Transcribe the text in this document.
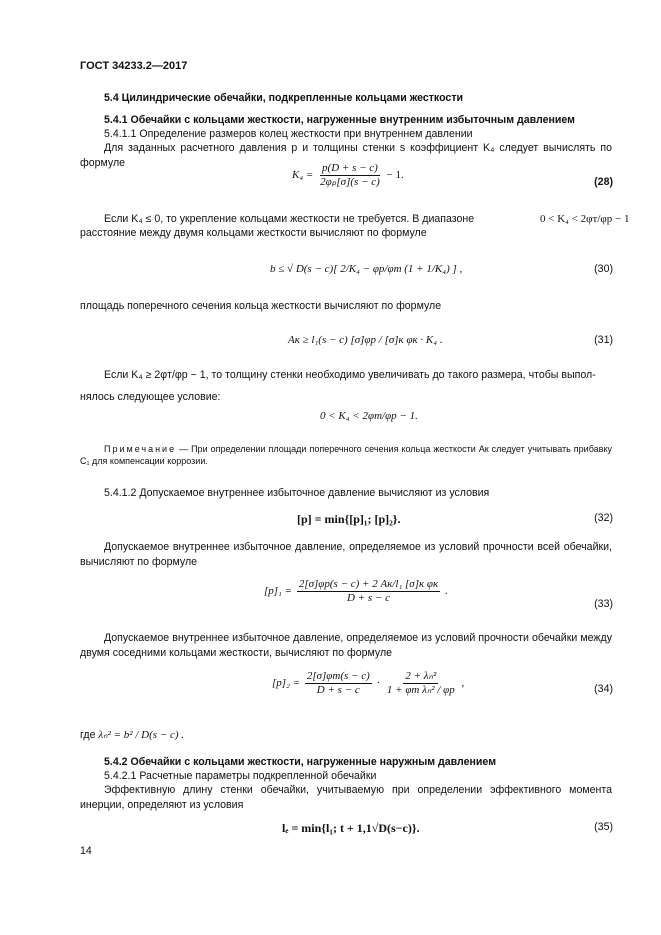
ГОСТ 34233.2—2017
5.4 Цилиндрические обечайки, подкрепленные кольцами жесткости
5.4.1 Обечайки с кольцами жесткости, нагруженные внутренним избыточным давлением
5.4.1.1 Определение размеров колец жесткости при внутреннем давлении
Для заданных расчетного давления p и толщины стенки s коэффициент K₄ следует вычислять по формуле
$K_4 = \frac{p(D + s - c)}{\text{2φₚ[σ](s − c)}} - 1$.
(28)
Если K₄ ≤ 0, то укрепление кольцами жесткости не требуется. В диапазоне	0 < K₄ < 2φт/φр − 1
расстояние между двумя кольцами жесткости вычисляют по формуле
b ≤ √ D(s − c)[ 2/K₄ − φр/φт (1 + 1/K₄) ] ,	(30)
площадь поперечного сечения кольца жесткости вычисляют по формуле
Aк ≥ l₁(s − c) [σ]φр / [σ]к φк · K₄ .	(31)
Если K₄ ≥ 2φт/φр − 1, то толщину стенки необходимо увеличивать до такого размера, чтобы выпол-
нялось следующее условие:
0 < K₄ < 2φт/φр − 1.
Примечание — При определении площади поперечного сечения кольца жесткости Aк следует учитывать прибавку C₁ для компенсации коррозии.
5.4.1.2 Допускаемое внутреннее избыточное давление вычисляют из условия
[p] = min{[p]₁; [p]₂}.	(32)
Допускаемое внутреннее избыточное давление, определяемое из условий прочности всей обечайки, вычисляют по формуле
$[p]_1 = \frac{\text{2[σ]φр(s − c) + 2 Aк/l₁ [σ]к φк}}{D + s - c}$ .
(33)
Допускаемое внутреннее избыточное давление, определяемое из условий прочности обечайки между двумя соседними кольцами жесткости, вычисляют по формуле
$[p]_2 = \frac{2[\sigma]\varphi т(s - c)}{D + s - c} \cdot \frac{\text{2 + λₙ²}}{\text{1 + φт λₙ² / φр}}$ ,	(34)
где λₙ² = b² / D(s − c) .
5.4.2 Обечайки с кольцами жесткости, нагруженные наружным давлением
5.4.2.1 Расчетные параметры подкрепленной обечайки
Эффективную длину стенки обечайки, учитываемую при определении эффективного момента инерции, определяют из условия
lₑ = min{l₁; t + 1,1√D(s−c)}.	(35)
14
